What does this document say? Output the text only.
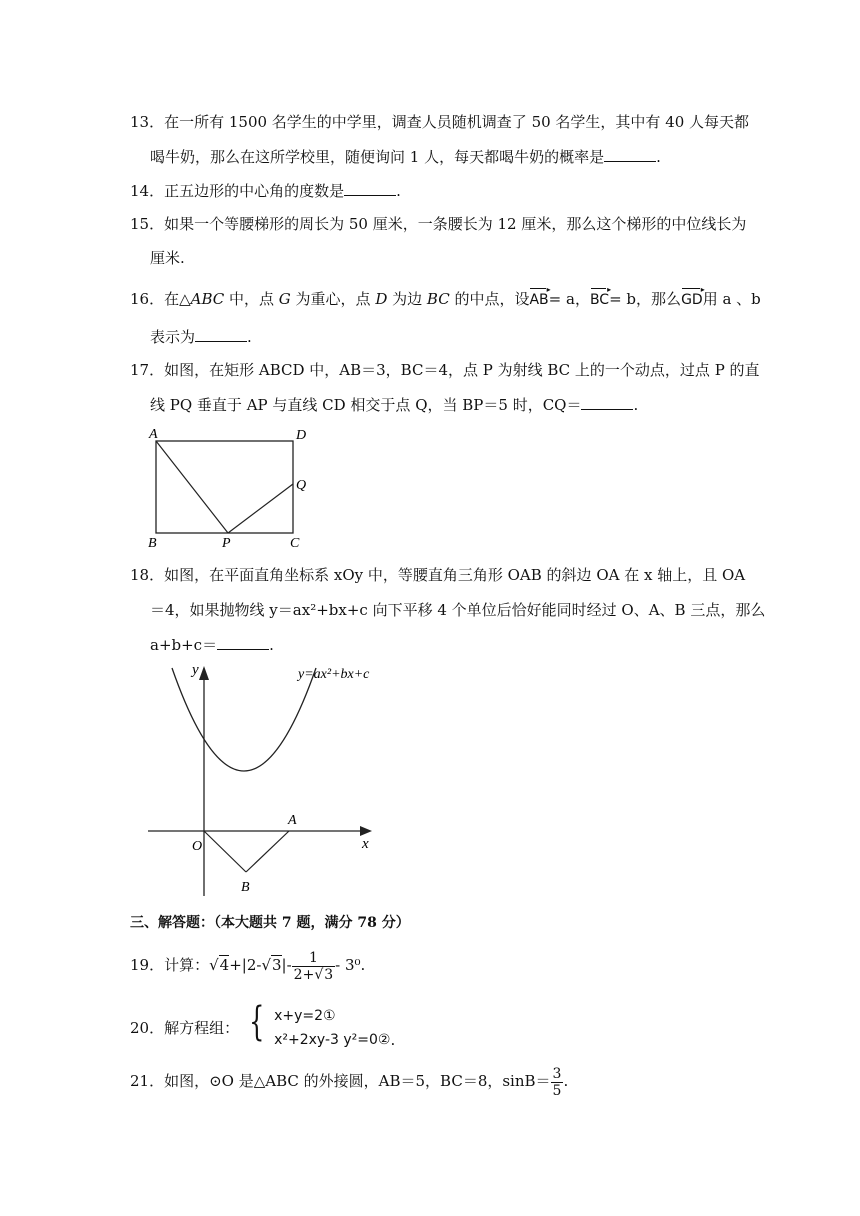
13．在一所有 1500 名学生的中学里，调查人员随机调查了 50 名学生，其中有 40 人每天都
喝牛奶，那么在这所学校里，随便询问 1 人，每天都喝牛奶的概率是	.
14．正五边形的中心角的度数是	.
15．如果一个等腰梯形的周长为 50 厘米，一条腰长为 12 厘米，那么这个梯形的中位线长为
厘米.
16．在△ABC 中，点 G 为重心，点 D 为边 BC 的中点，设AB ▸= a，BC ▸= b，那么GD ▸用 a 、b
表示为	.
17．如图，在矩形 ABCD 中，AB＝3，BC＝4，点 P 为射线 BC 上的一个动点，过点 P 的直
线 PQ 垂直于 AP 与直线 CD 相交于点 Q，当 BP＝5 时，CQ＝	.
A	D
Q
B	P	C
18．如图，在平面直角坐标系 xOy 中，等腰直角三角形 OAB 的斜边 OA 在 x 轴上，且 OA
＝4，如果抛物线 y＝ax²+bx+c 向下平移 4 个单位后恰好能同时经过 O、A、B 三点，那么
a+b+c＝	.
y	y=ax²+bx+c
A
x
O
B
三、解答题：（本大题共 7 题，满分 78 分）
19．计算：$√4+|2-√3|- \frac{1}{2+√3} - 3^0$.
20．解方程组： { x+y=2①
x²+2xy-3 y²=0② .
21．如图，⊙O 是△ABC 的外接圆，AB＝5，BC＝8，$\sin B= \frac{3}{5}$ .
